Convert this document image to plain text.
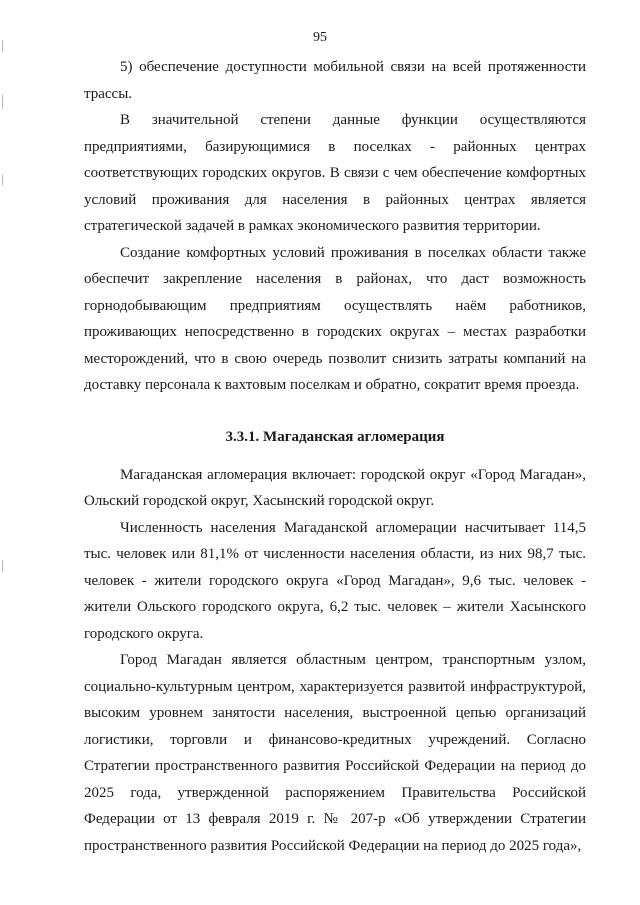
95

5) обеспечение доступности мобильной связи на всей протяженности трассы.

В значительной степени данные функции осуществляются предприятиями, базирующимися в поселках - районных центрах соответствующих городских округов. В связи с чем обеспечение комфортных условий проживания для населения в районных центрах является стратегической задачей в рамках экономического развития территории.

Создание комфортных условий проживания в поселках области также обеспечит закрепление населения в районах, что даст возможность горнодобывающим предприятиям осуществлять наём работников, проживающих непосредственно в городских округах – местах разработки месторождений, что в свою очередь позволит снизить затраты компаний на доставку персонала к вахтовым поселкам и обратно, сократит время проезда.

3.3.1. Магаданская агломерация

Магаданская агломерация включает: городской округ «Город Магадан», Ольский городской округ, Хасынский городской округ.

Численность населения Магаданской агломерации насчитывает 114,5 тыс. человек или 81,1% от численности населения области, из них 98,7 тыс. человек - жители городского округа «Город Магадан», 9,6 тыс. человек - жители Ольского городского округа, 6,2 тыс. человек – жители Хасынского городского округа.

Город Магадан является областным центром, транспортным узлом, социально-культурным центром, характеризуется развитой инфраструктурой, высоким уровнем занятости населения, выстроенной цепью организаций логистики, торговли и финансово-кредитных учреждений. Согласно Стратегии пространственного развития Российской Федерации на период до 2025 года, утвержденной распоряжением Правительства Российской Федерации от 13 февраля 2019 г. № 207-р «Об утверждении Стратегии пространственного развития Российской Федерации на период до 2025 года»,
